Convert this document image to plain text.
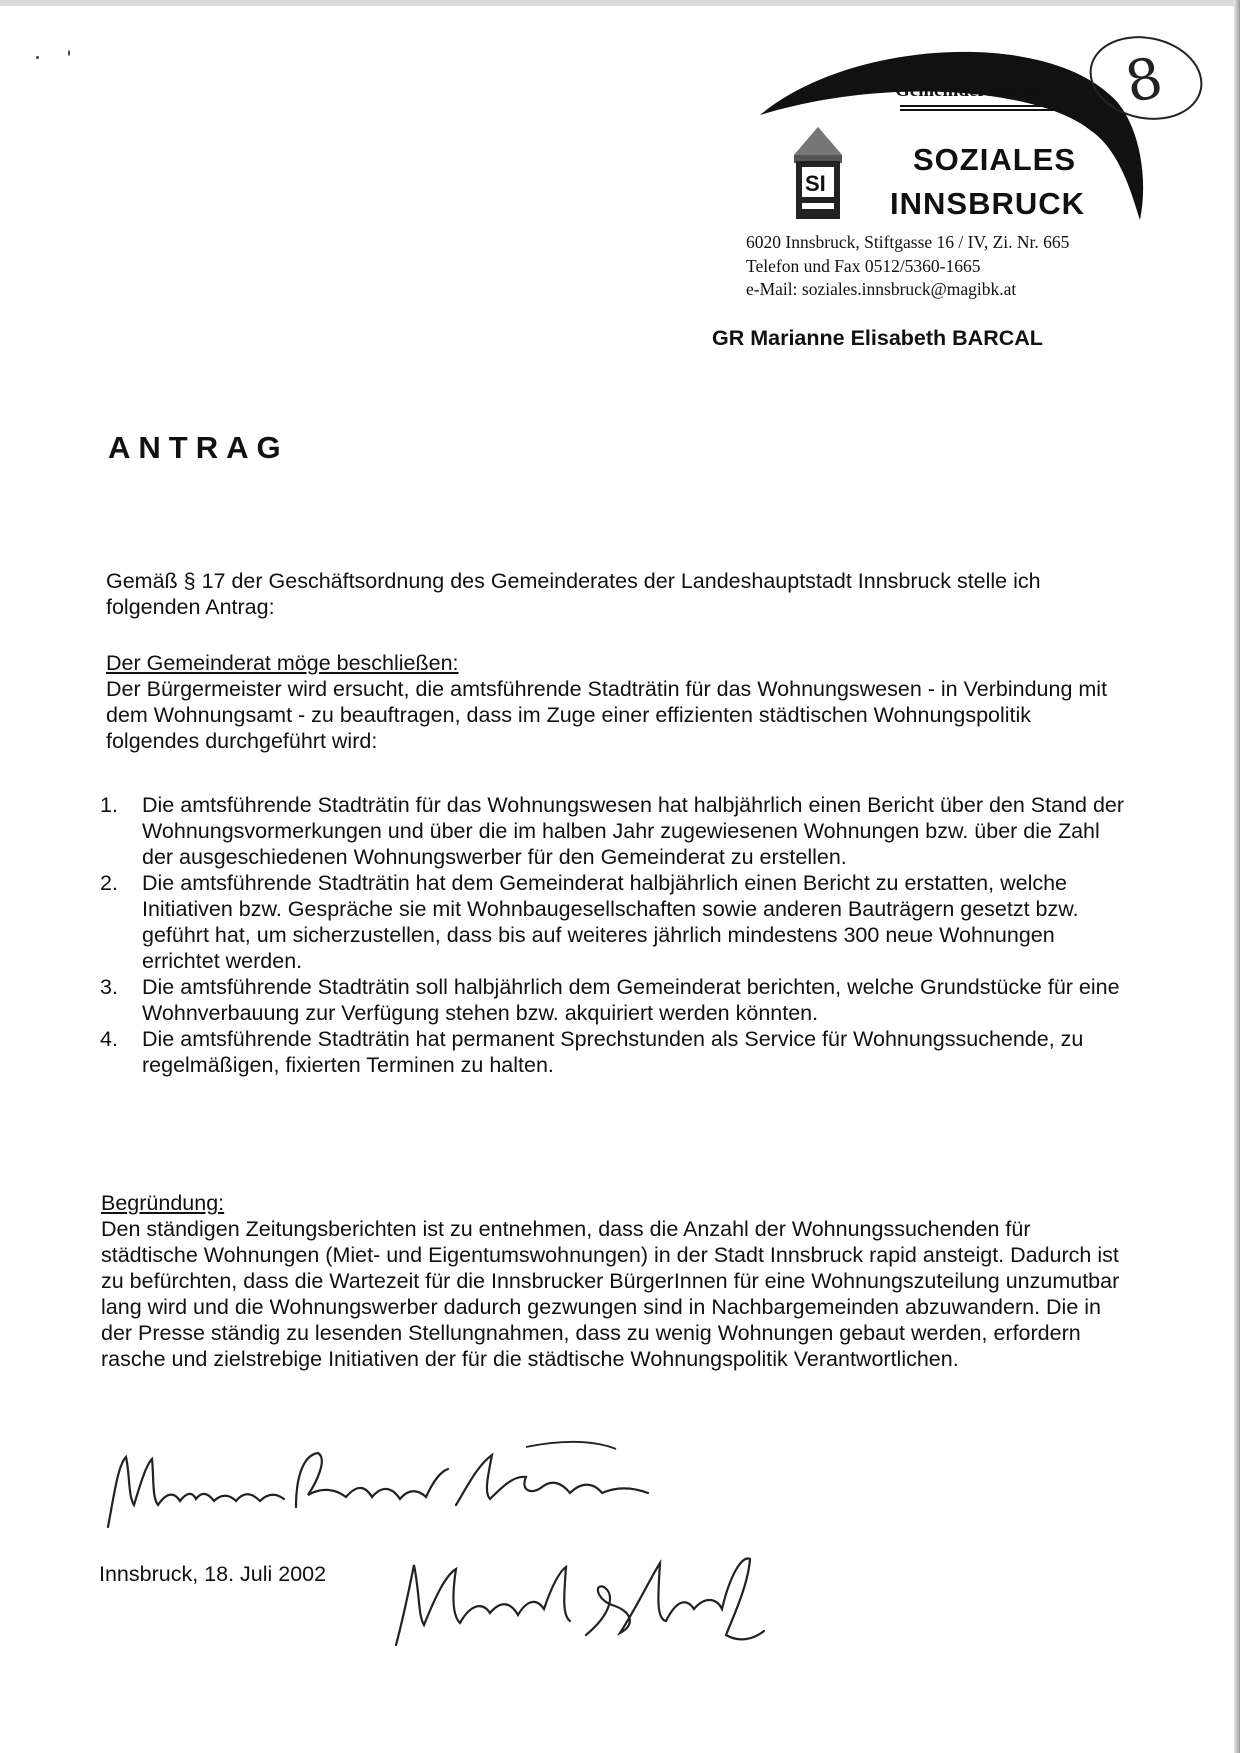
8
Gemeinderatsklub
SI
SOZIALES
INNSBRUCK
6020 Innsbruck, Stiftgasse 16 / IV, Zi. Nr. 665
Telefon und Fax 0512/5360-1665
e-Mail: soziales.innsbruck@magibk.at
GR Marianne Elisabeth BARCAL
ANTRAG
Gemäß § 17 der Geschäftsordnung des Gemeinderates der Landeshauptstadt Innsbruck stelle ich folgenden Antrag:
Der Gemeinderat möge beschließen:
Der Bürgermeister wird ersucht, die amtsführende Stadträtin für das Wohnungswesen - in Verbindung mit dem Wohnungsamt - zu beauftragen, dass im Zuge einer effizienten städtischen Wohnungspolitik folgendes durchgeführt wird:
1.	Die amtsführende Stadträtin für das Wohnungswesen hat halbjährlich einen Bericht über den Stand der Wohnungsvormerkungen und über die im halben Jahr zugewiesenen Wohnungen bzw. über die Zahl der ausgeschiedenen Wohnungswerber für den Gemeinderat zu erstellen.
2.	Die amtsführende Stadträtin hat dem Gemeinderat halbjährlich einen Bericht zu erstatten, welche Initiativen bzw. Gespräche sie mit Wohnbaugesellschaften sowie anderen Bauträgern gesetzt bzw. geführt hat, um sicherzustellen, dass bis auf weiteres jährlich mindestens 300 neue Wohnungen errichtet werden.
3.	Die amtsführende Stadträtin soll halbjährlich dem Gemeinderat berichten, welche Grundstücke für eine Wohnverbauung zur Verfügung stehen bzw. akquiriert werden könnten.
4.	Die amtsführende Stadträtin hat permanent Sprechstunden als Service für Wohnungssuchende, zu regelmäßigen, fixierten Terminen zu halten.
Begründung:
Den ständigen Zeitungsberichten ist zu entnehmen, dass die Anzahl der Wohnungssuchenden für städtische Wohnungen (Miet- und Eigentumswohnungen) in der Stadt Innsbruck rapid ansteigt. Dadurch ist zu befürchten, dass die Wartezeit für die Innsbrucker BürgerInnen für eine Wohnungszuteilung unzumutbar lang wird und die Wohnungswerber dadurch gezwungen sind in Nachbargemeinden abzuwandern. Die in der Presse ständig zu lesenden Stellungnahmen, dass zu wenig Wohnungen gebaut werden, erfordern rasche und zielstrebige Initiativen der für die städtische Wohnungspolitik Verantwortlichen.
Innsbruck, 18. Juli 2002
